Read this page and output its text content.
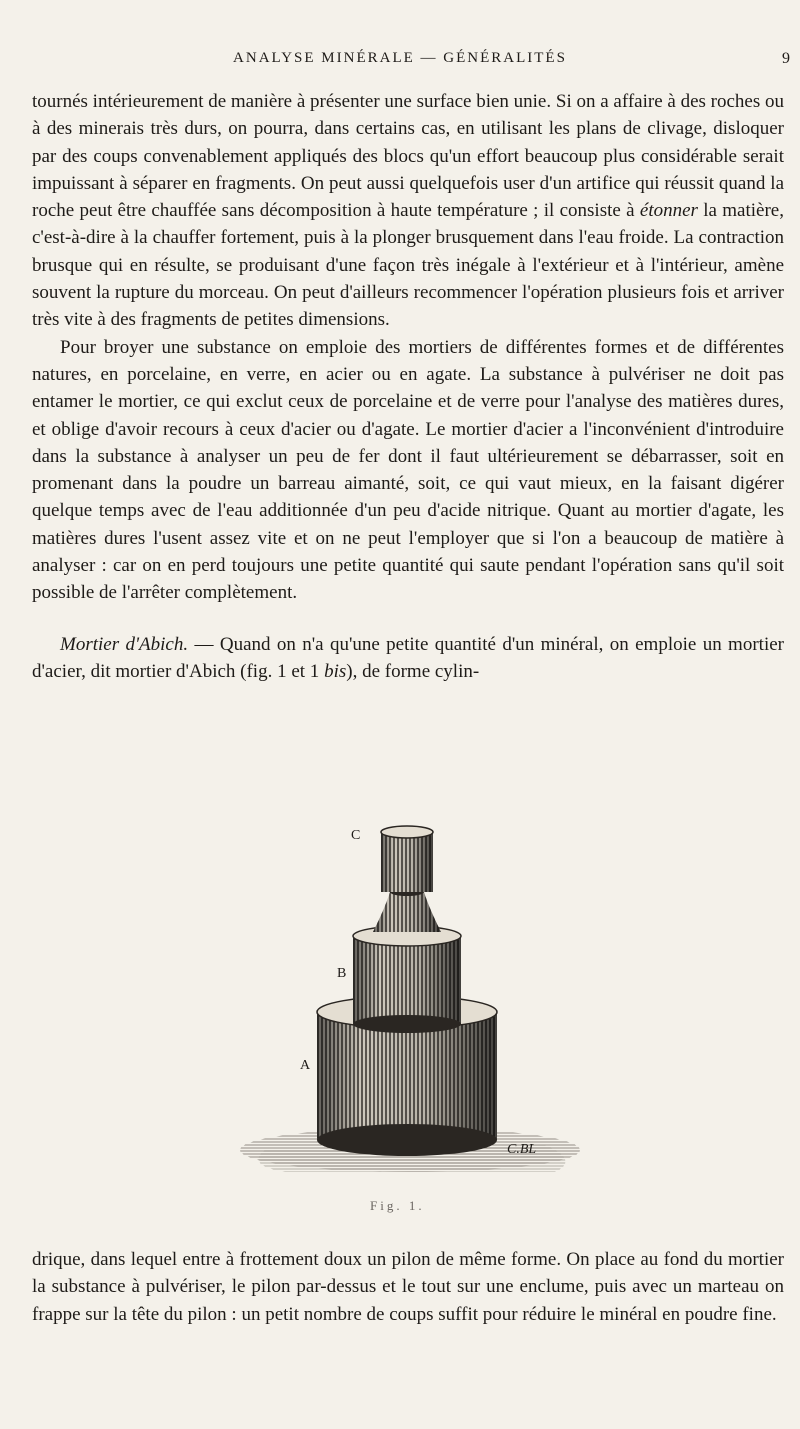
ANALYSE MINÉRALE — GÉNÉRALITÉS	9

tournés intérieurement de manière à présenter une surface bien unie. Si on a affaire à des roches ou à des minerais très durs, on pourra, dans certains cas, en utilisant les plans de clivage, disloquer par des coups convenablement appliqués des blocs qu'un effort beaucoup plus considérable serait impuissant à séparer en fragments. On peut aussi quelquefois user d'un artifice qui réussit quand la roche peut être chauffée sans décomposition à haute température ; il consiste à étonner la matière, c'est-à-dire à la chauffer fortement, puis à la plonger brusquement dans l'eau froide. La contraction brusque qui en résulte, se produisant d'une façon très inégale à l'extérieur et à l'intérieur, amène souvent la rupture du morceau. On peut d'ailleurs recommencer l'opération plusieurs fois et arriver très vite à des fragments de petites dimensions.

Pour broyer une substance on emploie des mortiers de différentes formes et de différentes natures, en porcelaine, en verre, en acier ou en agate. La substance à pulvériser ne doit pas entamer le mortier, ce qui exclut ceux de porcelaine et de verre pour l'analyse des matières dures, et oblige d'avoir recours à ceux d'acier ou d'agate. Le mortier d'acier a l'inconvénient d'introduire dans la substance à analyser un peu de fer dont il faut ultérieurement se débarrasser, soit en promenant dans la poudre un barreau aimanté, soit, ce qui vaut mieux, en la faisant digérer quelque temps avec de l'eau additionnée d'un peu d'acide nitrique. Quant au mortier d'agate, les matières dures l'usent assez vite et on ne peut l'employer que si l'on a beaucoup de matière à analyser : car on en perd toujours une petite quantité qui saute pendant l'opération sans qu'il soit possible de l'arrêter complètement.

Mortier d'Abich. — Quand on n'a qu'une petite quantité d'un minéral, on emploie un mortier d'acier, dit mortier d'Abich (fig. 1 et 1 bis), de forme cylin-

C
B
A
C.BL
Fig. 1.

drique, dans lequel entre à frottement doux un pilon de même forme. On place au fond du mortier la substance à pulvériser, le pilon par-dessus et le tout sur une enclume, puis avec un marteau on frappe sur la tête du pilon : un petit nombre de coups suffit pour réduire le minéral en poudre fine.
